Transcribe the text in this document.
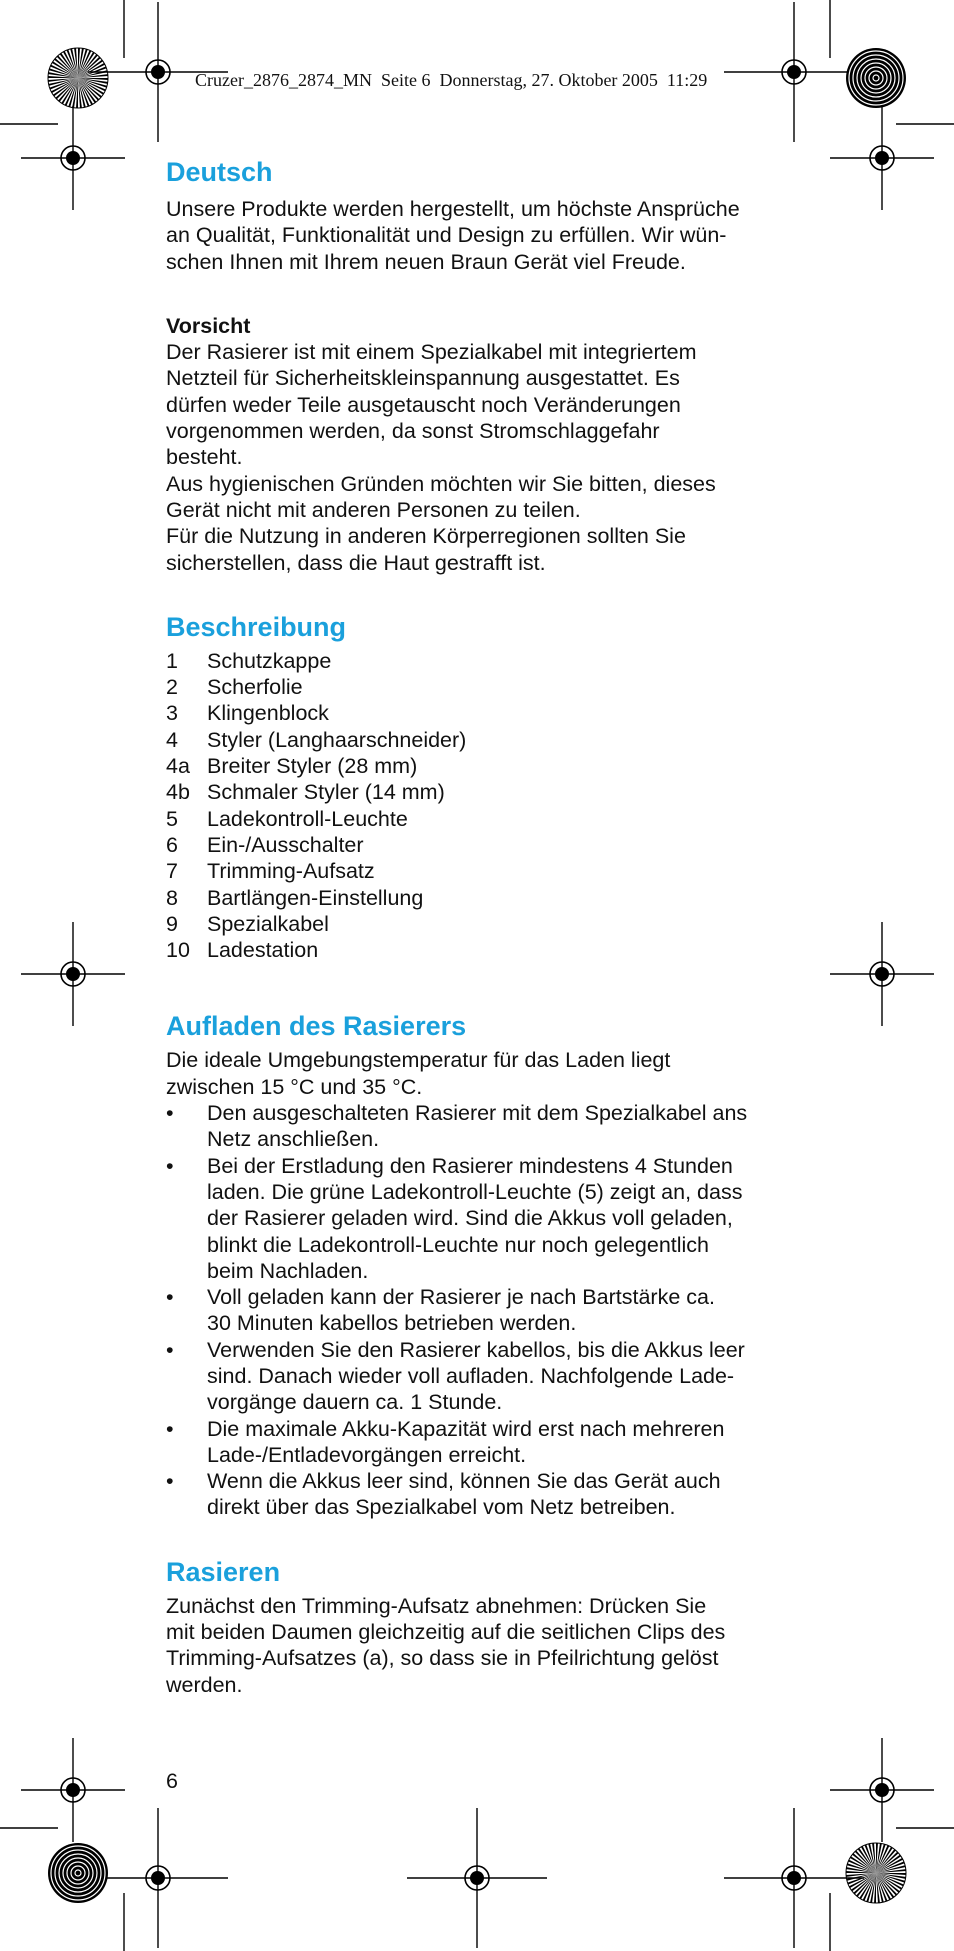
Cruzer_2876_2874_MN  Seite 6  Donnerstag, 27. Oktober 2005  11:29
Deutsch

Unsere Produkte werden hergestellt, um höchste Ansprüche

an Qualität, Funktionalität und Design zu erfüllen. Wir wün-

schen Ihnen mit Ihrem neuen Braun Gerät viel Freude.

Vorsicht

Der Rasierer ist mit einem Spezialkabel mit integriertem

Netzteil für Sicherheitskleinspannung ausgestattet. Es

dürfen weder Teile ausgetauscht noch Veränderungen

vorgenommen werden, da sonst Stromschlaggefahr

besteht.

Aus hygienischen Gründen möchten wir Sie bitten, dieses

Gerät nicht mit anderen Personen zu teilen.

Für die Nutzung in anderen Körperregionen sollten Sie

sicherstellen, dass die Haut gestrafft ist.

Beschreibung
1	Schutzkappe
2	Scherfolie
3	Klingenblock
4	Styler (Langhaarschneider)
4a Breiter Styler (28 mm)
4b Schmaler Styler (14 mm)
5	Ladekontroll-Leuchte
6	Ein-/Ausschalter
7	Trimming-Aufsatz
8	Bartlängen-Einstellung
9	Spezialkabel
10 Ladestation
Aufladen des Rasierers

Die ideale Umgebungstemperatur für das Laden liegt

zwischen 15 °C und 35 °C.

•	Den ausgeschalteten Rasierer mit dem Spezialkabel ans
Netz anschließen.
•	Bei der Erstladung den Rasierer mindestens 4 Stunden
laden. Die grüne Ladekontroll-Leuchte (5) zeigt an, dass
der Rasierer geladen wird. Sind die Akkus voll geladen,
blinkt die Ladekontroll-Leuchte nur noch gelegentlich
beim Nachladen.
•	Voll geladen kann der Rasierer je nach Bartstärke ca.
30 Minuten kabellos betrieben werden.
•	Verwenden Sie den Rasierer kabellos, bis die Akkus leer
sind. Danach wieder voll aufladen. Nachfolgende Lade-
vorgänge dauern ca. 1 Stunde.
•	Die maximale Akku-Kapazität wird erst nach mehreren
Lade-/Entladevorgängen erreicht.
•	Wenn die Akkus leer sind, können Sie das Gerät auch
direkt über das Spezialkabel vom Netz betreiben.
Rasieren

Zunächst den Trimming-Aufsatz abnehmen: Drücken Sie

mit beiden Daumen gleichzeitig auf die seitlichen Clips des

Trimming-Aufsatzes (a), so dass sie in Pfeilrichtung gelöst

werden.

6
